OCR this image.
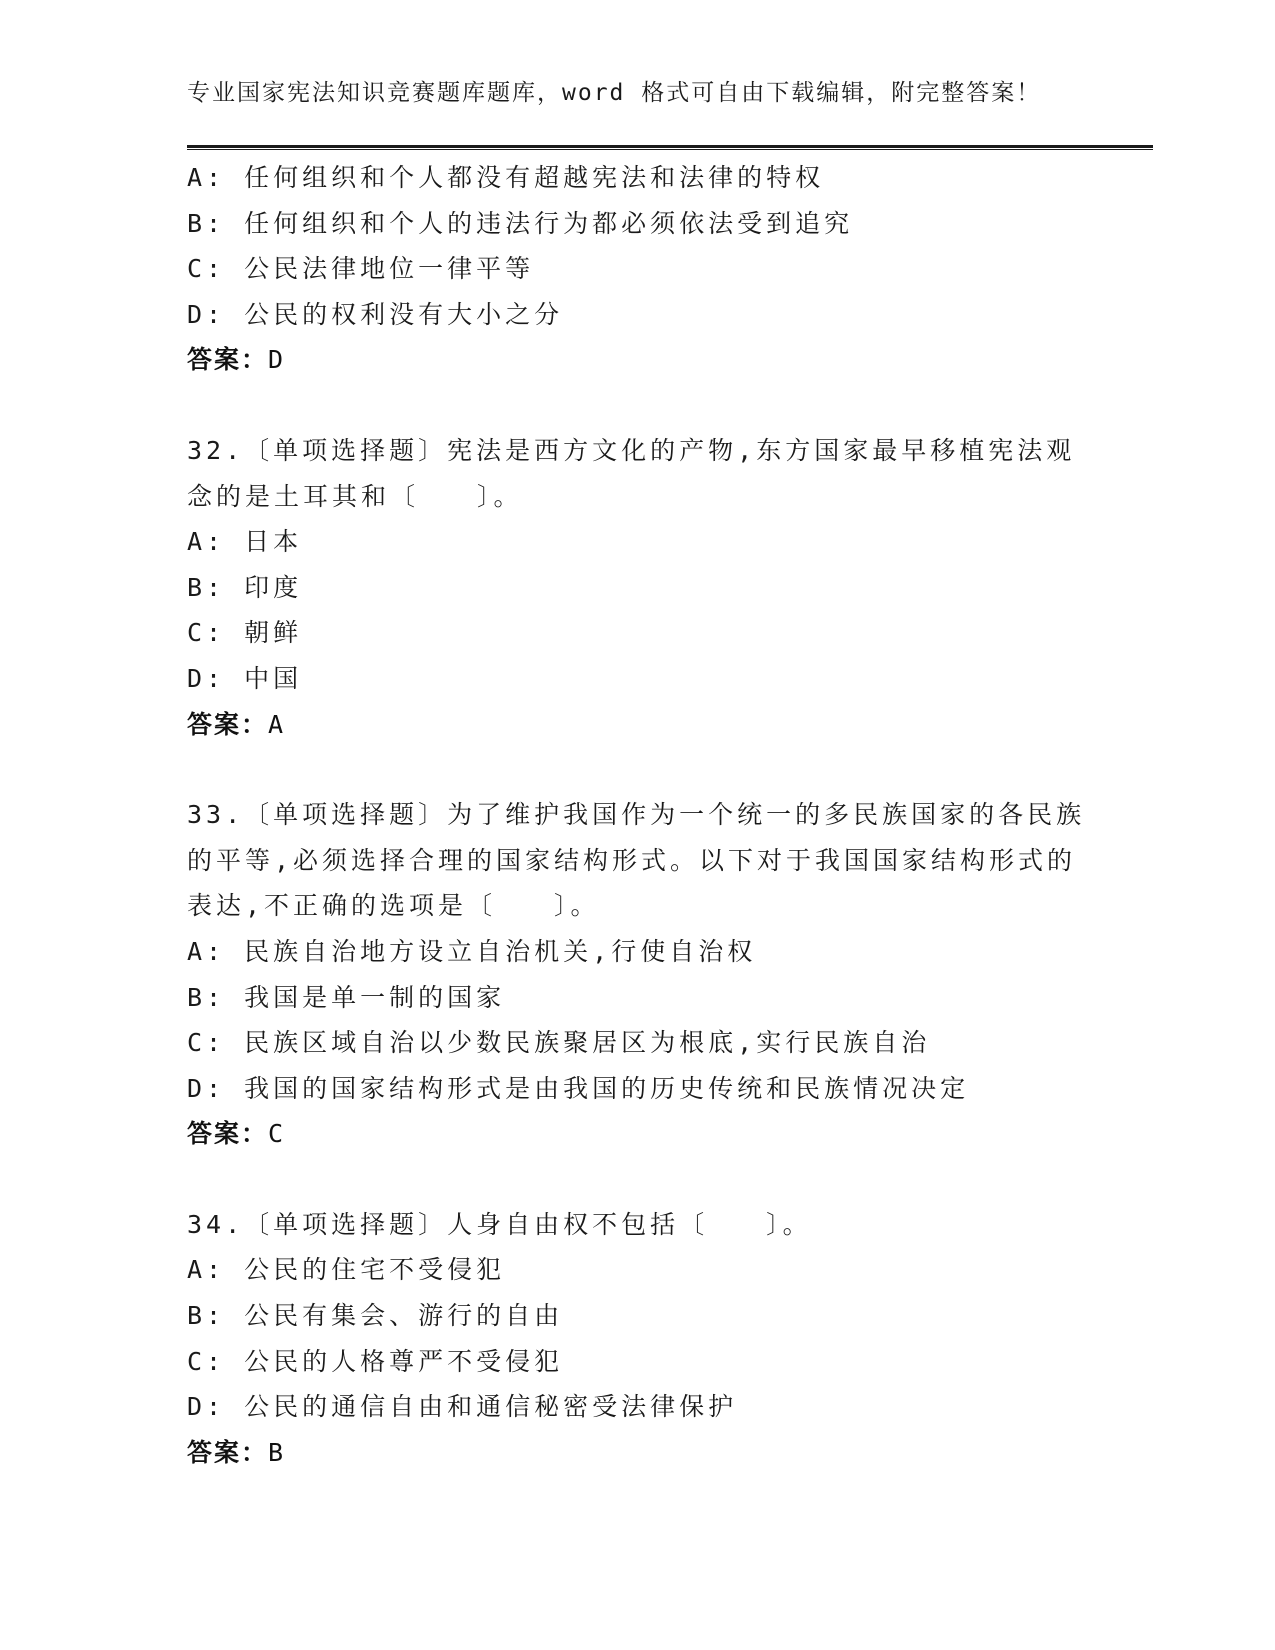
专业国家宪法知识竞赛题库题库，word 格式可自由下载编辑，附完整答案！
A: 任何组织和个人都没有超越宪法和法律的特权
B: 任何组织和个人的违法行为都必须依法受到追究
C: 公民法律地位一律平等
D: 公民的权利没有大小之分
答案：D
32.〔单项选择题〕宪法是西方文化的产物,东方国家最早移植宪法观
念的是土耳其和〔　　〕。
A: 日本
B: 印度
C: 朝鲜
D: 中国
答案：A
33.〔单项选择题〕为了维护我国作为一个统一的多民族国家的各民族
的平等,必须选择合理的国家结构形式。以下对于我国国家结构形式的
表达,不正确的选项是〔　　〕。
A: 民族自治地方设立自治机关,行使自治权
B: 我国是单一制的国家
C: 民族区域自治以少数民族聚居区为根底,实行民族自治
D: 我国的国家结构形式是由我国的历史传统和民族情况决定
答案：C
34.〔单项选择题〕人身自由权不包括〔　　〕。
A: 公民的住宅不受侵犯
B: 公民有集会、游行的自由
C: 公民的人格尊严不受侵犯
D: 公民的通信自由和通信秘密受法律保护
答案：B
